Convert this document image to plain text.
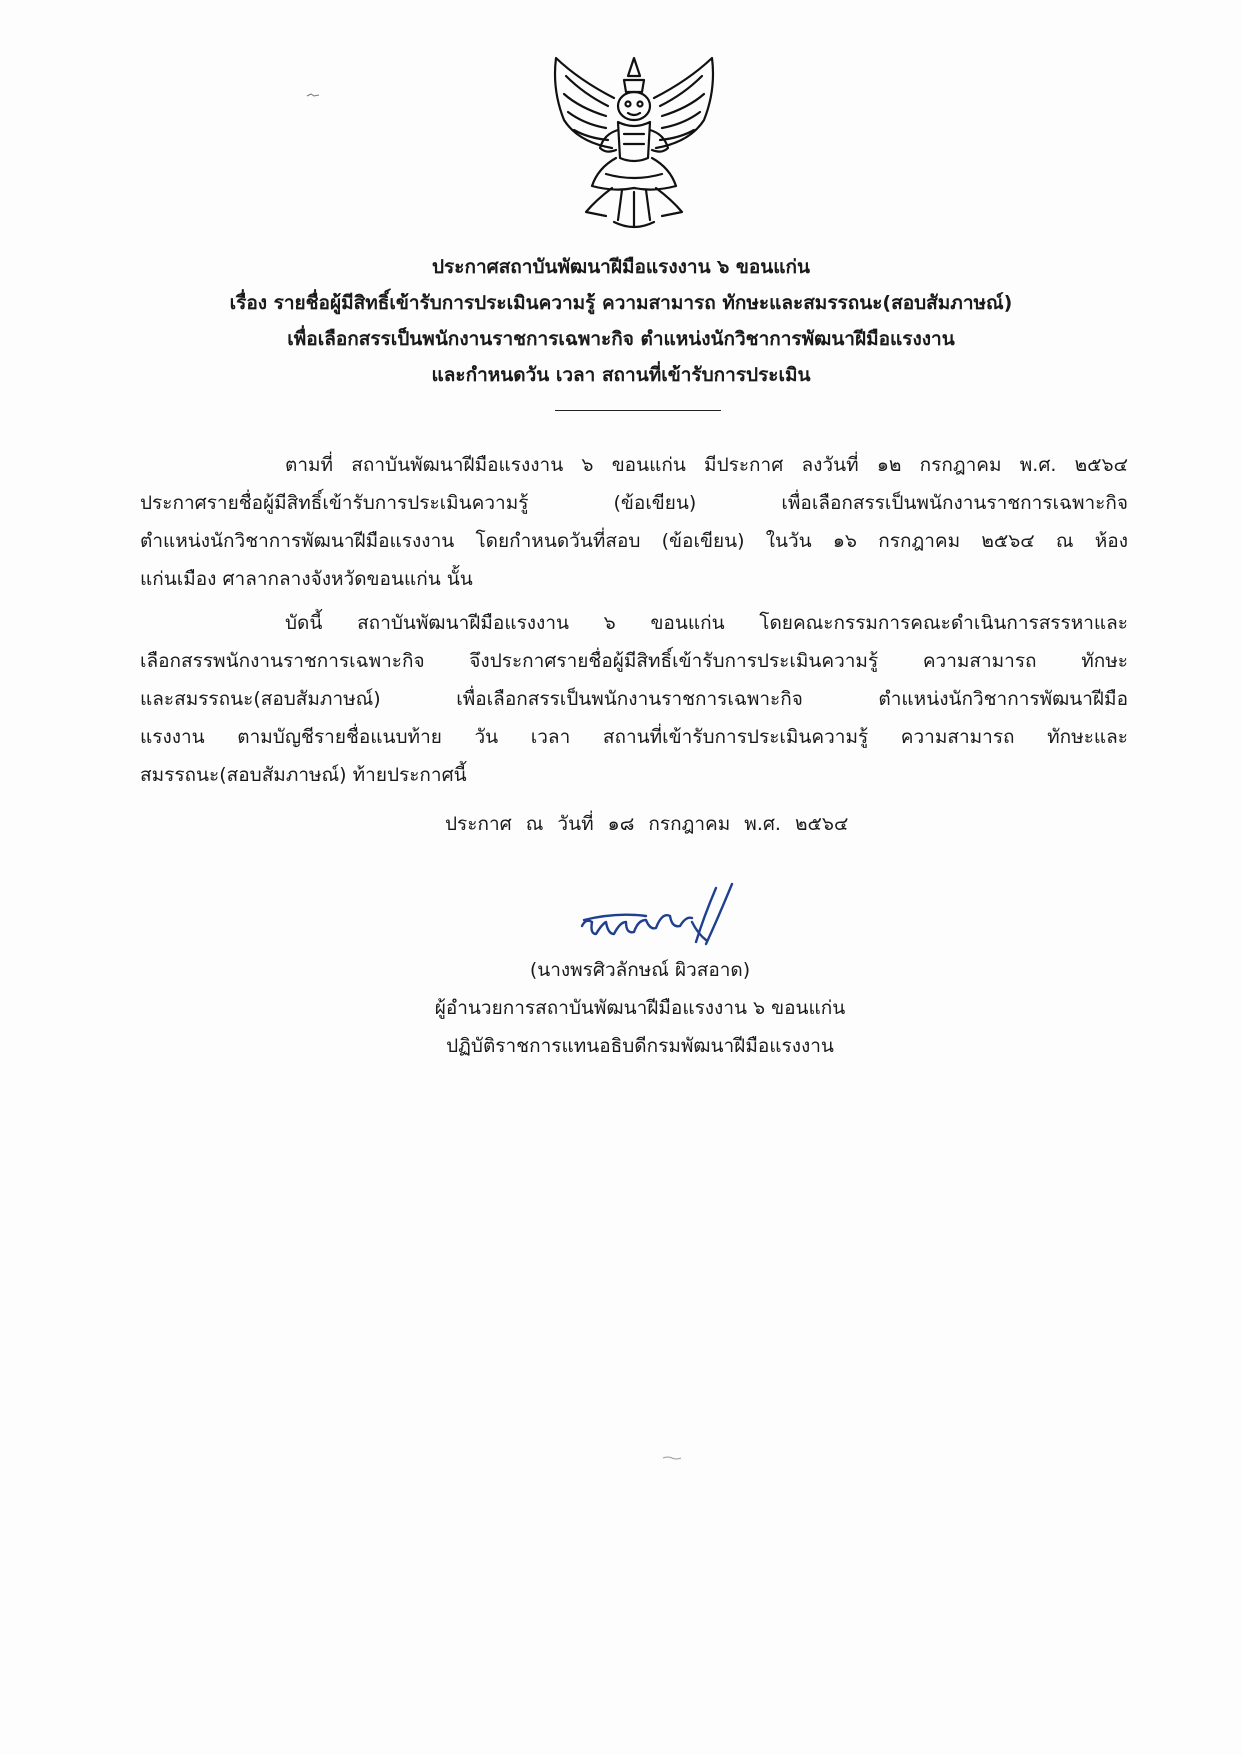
ประกาศสถาบันพัฒนาฝีมือแรงงาน ๖ ขอนแก่น
เรื่อง รายชื่อผู้มีสิทธิ์เข้ารับการประเมินความรู้ ความสามารถ ทักษะและสมรรถนะ(สอบสัมภาษณ์)
เพื่อเลือกสรรเป็นพนักงานราชการเฉพาะกิจ ตำแหน่งนักวิชาการพัฒนาฝีมือแรงงาน
และกำหนดวัน เวลา สถานที่เข้ารับการประเมิน
ตามที่ สถาบันพัฒนาฝีมือแรงงาน ๖ ขอนแก่น มีประกาศ ลงวันที่ ๑๒ กรกฎาคม พ.ศ. ๒๕๖๔
ประกาศรายชื่อผู้มีสิทธิ์เข้ารับการประเมินความรู้ (ข้อเขียน) เพื่อเลือกสรรเป็นพนักงานราชการเฉพาะกิจ
ตำแหน่งนักวิชาการพัฒนาฝีมือแรงงาน โดยกำหนดวันที่สอบ (ข้อเขียน) ในวัน ๑๖ กรกฎาคม ๒๕๖๔ ณ ห้อง
แก่นเมือง ศาลากลางจังหวัดขอนแก่น นั้น
บัดนี้ สถาบันพัฒนาฝีมือแรงงาน ๖ ขอนแก่น โดยคณะกรรมการคณะดำเนินการสรรหาและ
เลือกสรรพนักงานราชการเฉพาะกิจ จึงประกาศรายชื่อผู้มีสิทธิ์เข้ารับการประเมินความรู้ ความสามารถ ทักษะ
และสมรรถนะ(สอบสัมภาษณ์) เพื่อเลือกสรรเป็นพนักงานราชการเฉพาะกิจ ตำแหน่งนักวิชาการพัฒนาฝีมือ
แรงงาน ตามบัญชีรายชื่อแนบท้าย วัน เวลา สถานที่เข้ารับการประเมินความรู้ ความสามารถ ทักษะและ
สมรรถนะ(สอบสัมภาษณ์) ท้ายประกาศนี้
ประกาศ ณ วันที่ ๑๘ กรกฎาคม พ.ศ. ๒๕๖๔
(นางพรศิวลักษณ์ ผิวสอาด)
ผู้อำนวยการสถาบันพัฒนาฝีมือแรงงาน ๖ ขอนแก่น
ปฏิบัติราชการแทนอธิบดีกรมพัฒนาฝีมือแรงงาน
